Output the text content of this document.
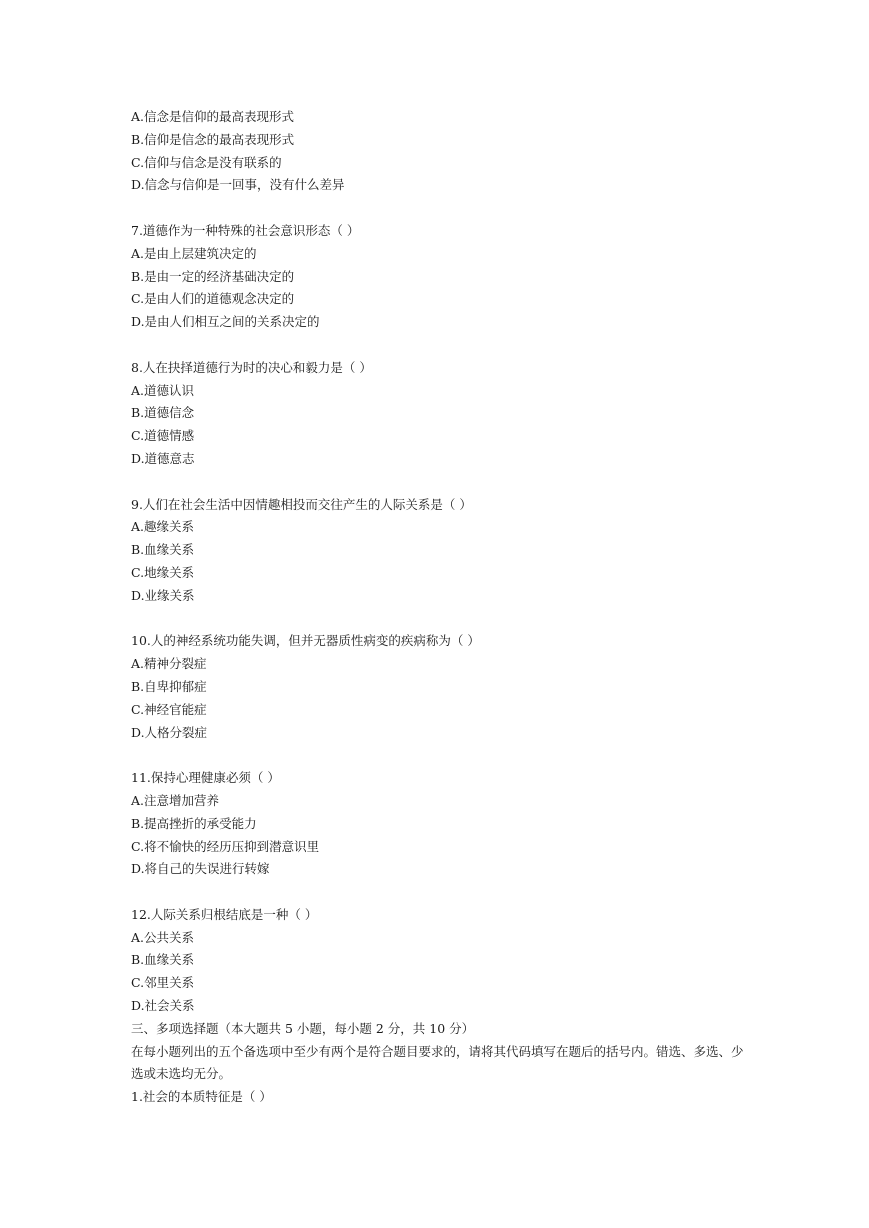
A.信念是信仰的最高表现形式
B.信仰是信念的最高表现形式
C.信仰与信念是没有联系的
D.信念与信仰是一回事，没有什么差异
7.道德作为一种特殊的社会意识形态（ ）
A.是由上层建筑决定的
B.是由一定的经济基础决定的
C.是由人们的道德观念决定的
D.是由人们相互之间的关系决定的
8.人在抉择道德行为时的决心和毅力是（ ）
A.道德认识
B.道德信念
C.道德情感
D.道德意志
9.人们在社会生活中因情趣相投而交往产生的人际关系是（ ）
A.趣缘关系
B.血缘关系
C.地缘关系
D.业缘关系
10.人的神经系统功能失调，但并无器质性病变的疾病称为（ ）
A.精神分裂症
B.自卑抑郁症
C.神经官能症
D.人格分裂症
11.保持心理健康必须（ ）
A.注意增加营养
B.提高挫折的承受能力
C.将不愉快的经历压抑到潜意识里
D.将自己的失误进行转嫁
12.人际关系归根结底是一种（ ）
A.公共关系
B.血缘关系
C.邻里关系
D.社会关系
三、多项选择题（本大题共 5 小题，每小题 2 分，共 10 分）
在每小题列出的五个备选项中至少有两个是符合题目要求的，请将其代码填写在题后的括号内。错选、多选、少选或未选均无分。
1.社会的本质特征是（ ）
